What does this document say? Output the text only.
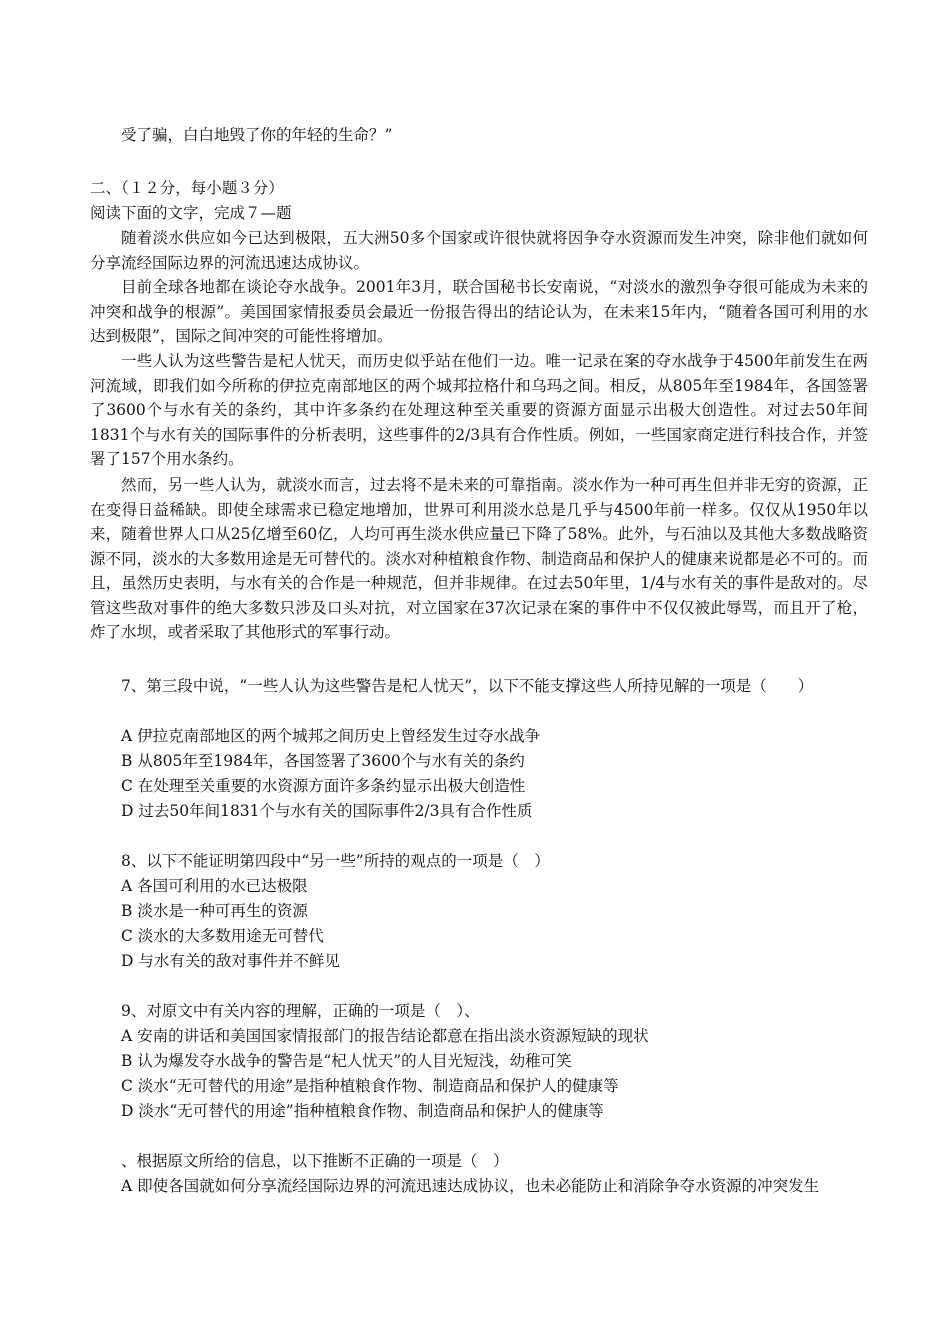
受了骗，白白地毁了你的年轻的生命？”
二、（１２分，每小题３分）
阅读下面的文字，完成７—题

随着淡水供应如今已达到极限，五大洲50多个国家或许很快就将因争夺水资源而发生冲突，除非他们就如何分享流经国际边界的河流迅速达成协议。

目前全球各地都在谈论夺水战争。2001年3月，联合国秘书长安南说，“对淡水的激烈争夺很可能成为未来的冲突和战争的根源”。美国国家情报委员会最近一份报告得出的结论认为，在未来15年内，“随着各国可利用的水达到极限”，国际之间冲突的可能性将增加。

一些人认为这些警告是杞人忧天，而历史似乎站在他们一边。唯一记录在案的夺水战争于4500年前发生在两河流域，即我们如今所称的伊拉克南部地区的两个城邦拉格什和乌玛之间。相反，从805年至1984年，各国签署了3600个与水有关的条约，其中许多条约在处理这种至关重要的资源方面显示出极大创造性。对过去50年间1831个与水有关的国际事件的分析表明，这些事件的2/3具有合作性质。例如，一些国家商定进行科技合作，并签署了157个用水条约。

然而，另一些人认为，就淡水而言，过去将不是未来的可靠指南。淡水作为一种可再生但并非无穷的资源，正在变得日益稀缺。即使全球需求已稳定地增加，世界可利用淡水总是几乎与4500年前一样多。仅仅从1950年以来，随着世界人口从25亿增至60亿，人均可再生淡水供应量已下降了58%。此外，与石油以及其他大多数战略资源不同，淡水的大多数用途是无可替代的。淡水对种植粮食作物、制造商品和保护人的健康来说都是必不可的。而且，虽然历史表明，与水有关的合作是一种规范，但并非规律。在过去50年里，1/4与水有关的事件是敌对的。尽管这些敌对事件的绝大多数只涉及口头对抗，对立国家在37次记录在案的事件中不仅仅被此辱骂，而且开了枪，炸了水坝，或者采取了其他形式的军事行动。

7、第三段中说，“一些人认为这些警告是杞人忧天”，以下不能支撑这些人所持见解的一项是（　　）

A 伊拉克南部地区的两个城邦之间历史上曾经发生过夺水战争
B 从805年至1984年，各国签署了3600个与水有关的条约
C 在处理至关重要的水资源方面许多条约显示出极大创造性
D 过去50年间1831个与水有关的国际事件2/3具有合作性质
8、以下不能证明第四段中“另一些”所持的观点的一项是（　）
A 各国可利用的水已达极限
B 淡水是一种可再生的资源
C 淡水的大多数用途无可替代
D 与水有关的敌对事件并不鲜见
9、对原文中有关内容的理解，正确的一项是（　）、
A 安南的讲话和美国国家情报部门的报告结论都意在指出淡水资源短缺的现状
B 认为爆发夺水战争的警告是“杞人忧天”的人目光短浅，幼稚可笑
C 淡水“无可替代的用途”是指种植粮食作物、制造商品和保护人的健康等
D 淡水“无可替代的用途”指种植粮食作物、制造商品和保护人的健康等
、根据原文所给的信息，以下推断不正确的一项是（　）

A 即使各国就如何分享流经国际边界的河流迅速达成协议，也未必能防止和消除争夺水资源的冲突发生
